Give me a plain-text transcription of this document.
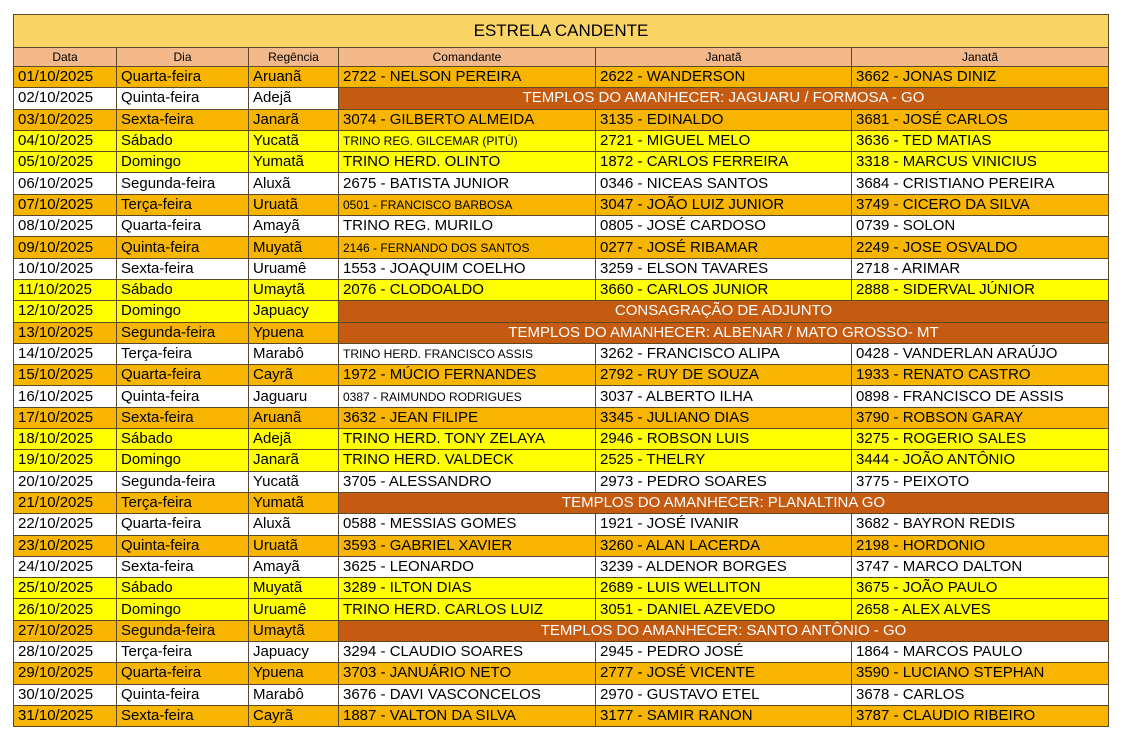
ESTRELA CANDENTE
Data	Dia	Regência	Comandante	Janatã	Janatã
01/10/2025	Quarta-feira	Aruanã	2722 - NELSON PEREIRA	2622 - WANDERSON	3662 - JONAS DINIZ
02/10/2025	Quinta-feira	Adejã	TEMPLOS DO AMANHECER: JAGUARU / FORMOSA - GO		
03/10/2025	Sexta-feira	Janarã	3074 - GILBERTO ALMEIDA	3135 - EDINALDO	3681 - JOSÉ CARLOS
04/10/2025	Sábado	Yucatã	TRINO REG. GILCEMAR (PITÚ)	2721 - MIGUEL MELO	3636 - TED MATIAS
05/10/2025	Domingo	Yumatã	TRINO HERD. OLINTO	1872 - CARLOS FERREIRA	3318 - MARCUS VINICIUS
06/10/2025	Segunda-feira	Aluxã	2675 - BATISTA JUNIOR	0346 - NICEAS SANTOS	3684 - CRISTIANO PEREIRA
07/10/2025	Terça-feira	Uruatã	0501 - FRANCISCO BARBOSA	3047 - JOÃO LUIZ JUNIOR	3749 - CICERO DA SILVA
08/10/2025	Quarta-feira	Amayã	TRINO REG. MURILO	0805 - JOSÉ CARDOSO	0739 - SOLON
09/10/2025	Quinta-feira	Muyatã	2146 - FERNANDO DOS SANTOS	0277 - JOSÉ RIBAMAR	2249 - JOSE OSVALDO
10/10/2025	Sexta-feira	Uruamê	1553 - JOAQUIM COELHO	3259 - ELSON TAVARES	2718 - ARIMAR
11/10/2025	Sábado	Umaytã	2076 - CLODOALDO	3660 - CARLOS JUNIOR	2888 - SIDERVAL JÚNIOR
12/10/2025	Domingo	Japuacy	CONSAGRAÇÃO DE ADJUNTO		
13/10/2025	Segunda-feira	Ypuena	TEMPLOS DO AMANHECER: ALBENAR / MATO GROSSO- MT		
14/10/2025	Terça-feira	Marabô	TRINO HERD. FRANCISCO ASSIS	3262 - FRANCISCO ALIPA	0428 - VANDERLAN ARAÚJO
15/10/2025	Quarta-feira	Cayrã	1972 - MÚCIO FERNANDES	2792 - RUY DE SOUZA	1933 - RENATO CASTRO
16/10/2025	Quinta-feira	Jaguaru	0387 - RAIMUNDO RODRIGUES	3037 - ALBERTO ILHA	0898 - FRANCISCO DE ASSIS
17/10/2025	Sexta-feira	Aruanã	3632 - JEAN FILIPE	3345 - JULIANO DIAS	3790 - ROBSON GARAY
18/10/2025	Sábado	Adejã	TRINO HERD. TONY ZELAYA	2946 - ROBSON LUIS	3275 - ROGERIO SALES
19/10/2025	Domingo	Janarã	TRINO HERD. VALDECK	2525 - THELRY	3444 - JOÃO ANTÔNIO
20/10/2025	Segunda-feira	Yucatã	3705 - ALESSANDRO	2973 - PEDRO SOARES	3775 - PEIXOTO
21/10/2025	Terça-feira	Yumatã	TEMPLOS DO AMANHECER: PLANALTINA GO		
22/10/2025	Quarta-feira	Aluxã	0588 - MESSIAS GOMES	1921 - JOSÉ IVANIR	3682 - BAYRON REDIS
23/10/2025	Quinta-feira	Uruatã	3593 - GABRIEL XAVIER	3260 - ALAN LACERDA	2198 - HORDONIO
24/10/2025	Sexta-feira	Amayã	3625 - LEONARDO	3239 - ALDENOR BORGES	3747 - MARCO DALTON
25/10/2025	Sábado	Muyatã	3289 - ILTON DIAS	2689 - LUIS WELLITON	3675 - JOÃO PAULO
26/10/2025	Domingo	Uruamê	TRINO HERD. CARLOS LUIZ	3051 - DANIEL AZEVEDO	2658 - ALEX ALVES
27/10/2025	Segunda-feira	Umaytã	TEMPLOS DO AMANHECER: SANTO ANTÔNIO - GO		
28/10/2025	Terça-feira	Japuacy	3294 - CLAUDIO SOARES	2945 - PEDRO JOSÉ	1864 - MARCOS PAULO
29/10/2025	Quarta-feira	Ypuena	3703 - JANUÁRIO NETO	2777 - JOSÉ VICENTE	3590 - LUCIANO STEPHAN
30/10/2025	Quinta-feira	Marabô	3676 - DAVI VASCONCELOS	2970 - GUSTAVO ETEL	3678 - CARLOS
31/10/2025	Sexta-feira	Cayrã	1887 - VALTON DA SILVA	3177 - SAMIR RANON	3787 - CLAUDIO RIBEIRO
